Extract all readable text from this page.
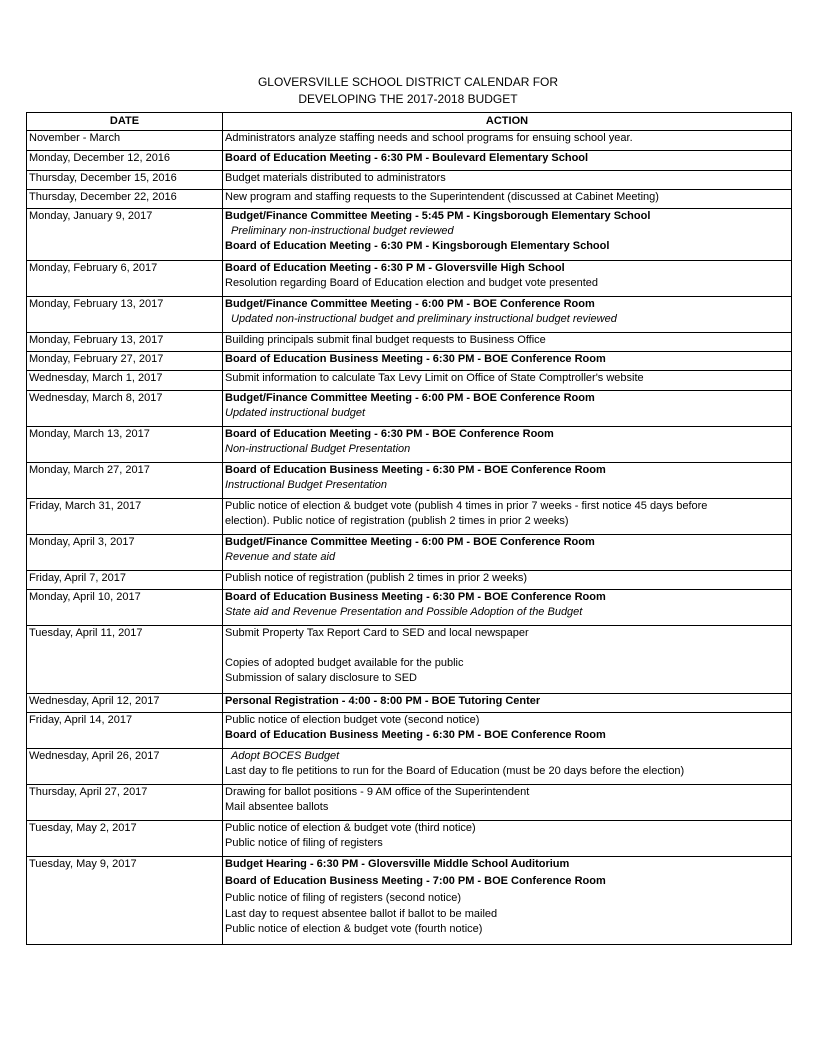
GLOVERSVILLE SCHOOL DISTRICT CALENDAR FOR
DEVELOPING THE 2017-2018 BUDGET
DATE	ACTION
November - March	Administrators analyze staffing needs and school programs for ensuing school year.

Monday, December 12, 2016	Board of Education Meeting - 6:30 PM - Boulevard Elementary School

Thursday, December 15, 2016	Budget materials distributed to administrators

Thursday, December 22, 2016	New program and staffing requests to the Superintendent (discussed at Cabinet Meeting)

Monday, January 9, 2017	Budget/Finance Committee Meeting - 5:45 PM - Kingsborough Elementary School
Preliminary non-instructional budget reviewed
Board of Education Meeting - 6:30 PM - Kingsborough Elementary School

Monday, February 6, 2017	Board of Education Meeting - 6:30 P M - Gloversville High School
Resolution regarding Board of Education election and budget vote presented

Monday, February 13, 2017	Budget/Finance Committee Meeting - 6:00 PM - BOE Conference Room
Updated non-instructional budget and preliminary instructional budget reviewed

Monday, February 13, 2017	Building principals submit final budget requests to Business Office

Monday, February 27, 2017	Board of Education Business Meeting - 6:30 PM - BOE Conference Room

Wednesday, March 1, 2017	Submit information to calculate Tax Levy Limit on Office of State Comptroller's website

Wednesday, March 8, 2017	Budget/Finance Committee Meeting - 6:00 PM - BOE Conference Room
Updated instructional budget

Monday, March 13, 2017	Board of Education Meeting - 6:30 PM - BOE Conference Room
Non-instructional Budget Presentation

Monday, March 27, 2017	Board of Education Business Meeting - 6:30 PM - BOE Conference Room
Instructional Budget Presentation

Friday, March 31, 2017	Public notice of election & budget vote (publish 4 times in prior 7 weeks - first notice 45 days before
election). Public notice of registration (publish 2 times in prior 2 weeks)

Monday, April 3, 2017	Budget/Finance Committee Meeting - 6:00 PM - BOE Conference Room
Revenue and state aid

Friday, April 7, 2017	Publish notice of registration (publish 2 times in prior 2 weeks)

Monday, April 10, 2017	Board of Education Business Meeting - 6:30 PM - BOE Conference Room
State aid and Revenue Presentation and Possible Adoption of the Budget

Tuesday, April 11, 2017	Submit Property Tax Report Card to SED and local newspaper
Copies of adopted budget available for the public
Submission of salary disclosure to SED

Wednesday, April 12, 2017	Personal Registration - 4:00 - 8:00 PM - BOE Tutoring Center

Friday, April 14, 2017	Public notice of election budget vote (second notice)
Board of Education Business Meeting - 6:30 PM - BOE Conference Room

Wednesday, April 26, 2017	Adopt BOCES Budget
Last day to fle petitions to run for the Board of Education (must be 20 days before the election)

Thursday, April 27, 2017	Drawing for ballot positions - 9 AM office of the Superintendent
Mail absentee ballots

Tuesday, May 2, 2017	Public notice of election & budget vote (third notice)
Public notice of filing of registers

Tuesday, May 9, 2017	Budget Hearing - 6:30 PM - Gloversville Middle School Auditorium
Board of Education Business Meeting - 7:00 PM - BOE Conference Room
Public notice of filing of registers (second notice)
Last day to request absentee ballot if ballot to be mailed
Public notice of election & budget vote (fourth notice)
